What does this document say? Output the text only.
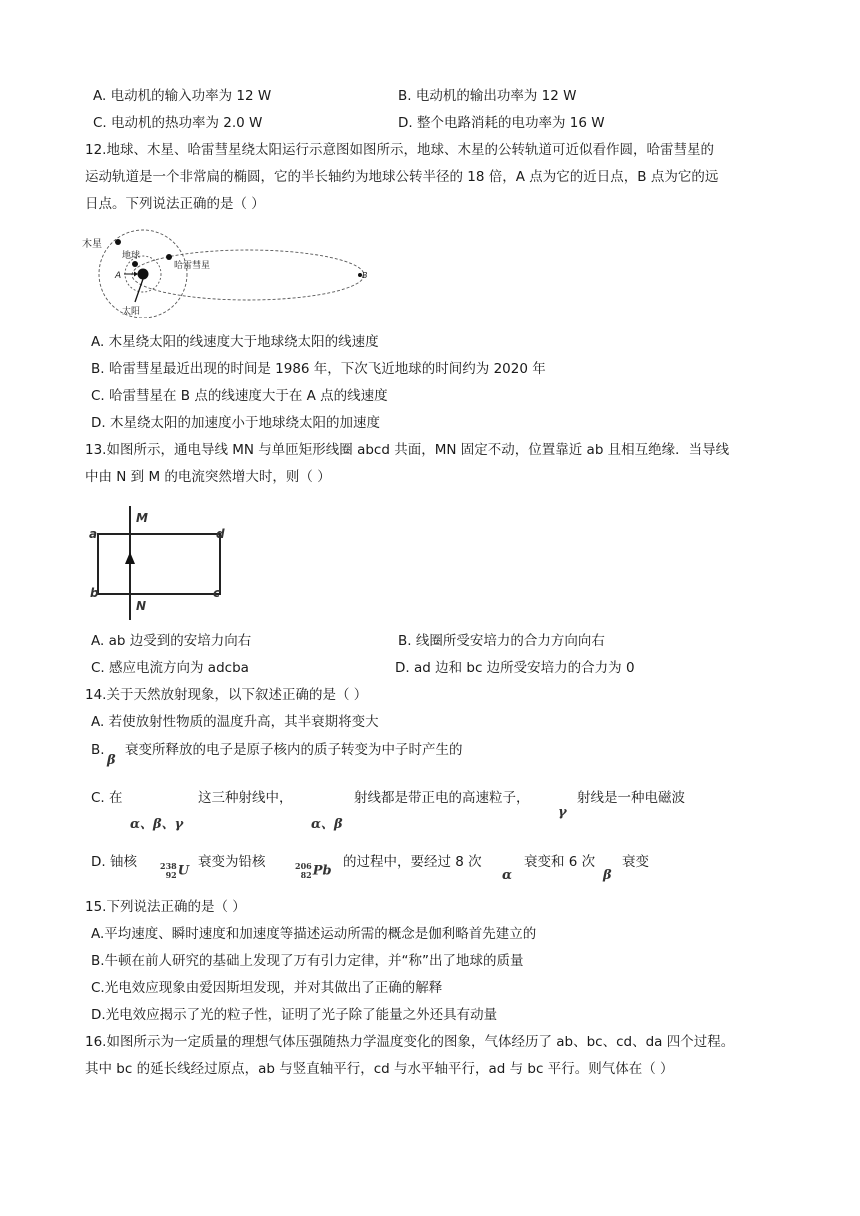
A. 电动机的输入功率为 12 W	B. 电动机的输出功率为 12 W
C. 电动机的热功率为 2.0 W	D. 整个电路消耗的电功率为 16 W
12.地球、木星、哈雷彗星绕太阳运行示意图如图所示，地球、木星的公转轨道可近似看作圆，哈雷彗星的
运动轨道是一个非常扁的椭圆，它的半长轴约为地球公转半径的 18 倍，A 点为它的近日点，B 点为它的远
日点。下列说法正确的是（ ）
木星
地球
哈雷彗星
太阳
A	B
A. 木星绕太阳的线速度大于地球绕太阳的线速度
B. 哈雷彗星最近出现的时间是 1986 年，下次飞近地球的时间约为 2020 年
C. 哈雷彗星在 B 点的线速度大于在 A 点的线速度
D. 木星绕太阳的加速度小于地球绕太阳的加速度
13.如图所示，通电导线 MN 与单匝矩形线圈 abcd 共面，MN 固定不动，位置靠近 ab 且相互绝缘．当导线
中由 N 到 M 的电流突然增大时，则（ ）
a
b	c
d
M
N
A. ab 边受到的安培力向右	B. 线圈所受安培力的合力方向向右
C. 感应电流方向为 adcba	D. ad 边和 bc 边所受安培力的合力为 0
14.关于天然放射现象，以下叙述正确的是（ ）
A. 若使放射性物质的温度升高，其半衰期将变大
B.
β
衰变所释放的电子是原子核内的质子转变为中子时产生的
C. 在
α、β、γ
这三种射线中，
α、β
射线都是带正电的高速粒子，
γ
射线是一种电磁波
D. 铀核	238
92U
衰变为铅核	206
82Pb
的过程中，要经过 8 次
α
衰变和 6 次
β
衰变
15.下列说法正确的是（ ）
A.平均速度、瞬时速度和加速度等描述运动所需的概念是伽利略首先建立的
B.牛顿在前人研究的基础上发现了万有引力定律，并“称”出了地球的质量
C.光电效应现象由爱因斯坦发现，并对其做出了正确的解释
D.光电效应揭示了光的粒子性，证明了光子除了能量之外还具有动量
16.如图所示为一定质量的理想气体压强随热力学温度变化的图象，气体经历了 ab、bc、cd、da 四个过程。
其中 bc 的延长线经过原点，ab 与竖直轴平行，cd 与水平轴平行，ad 与 bc 平行。则气体在（ ）
